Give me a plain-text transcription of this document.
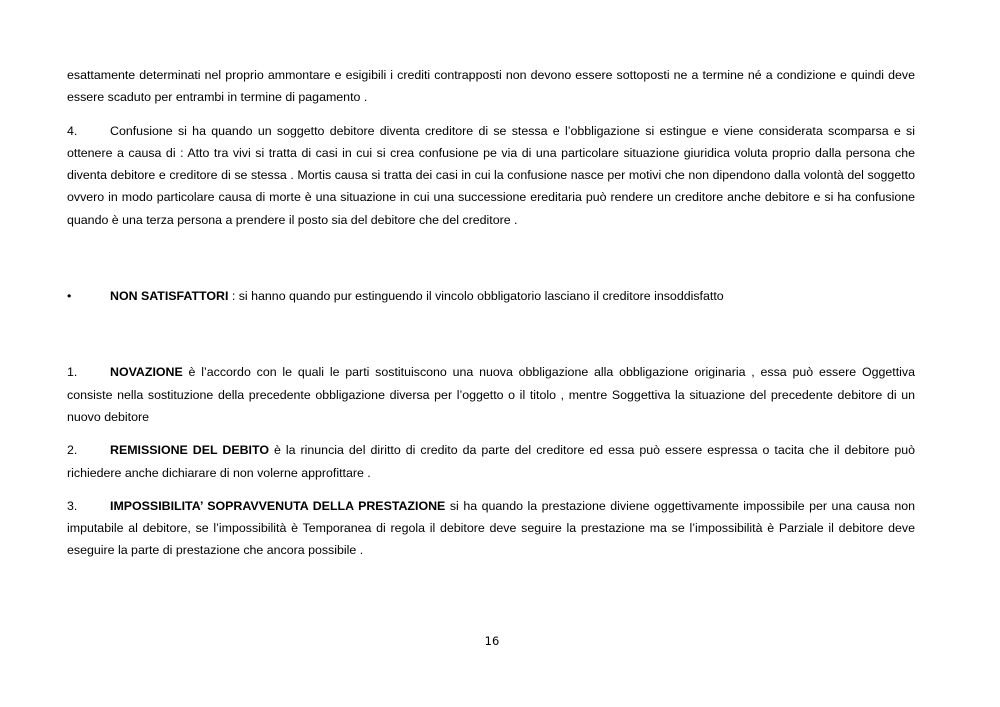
esattamente determinati nel proprio ammontare e esigibili i crediti contrapposti non devono essere sottoposti ne a termine né a condizione e quindi deve essere scaduto per entrambi in termine di pagamento .

4.	Confusione si ha quando un soggetto debitore diventa creditore di se stessa e l’obbligazione si estingue e viene considerata scomparsa e si ottenere a causa di : Atto tra vivi si tratta di casi in cui si crea confusione pe via di una particolare situazione giuridica voluta proprio dalla persona che diventa debitore e creditore di se stessa . Mortis causa si tratta dei casi in cui la confusione nasce per motivi che non dipendono dalla volontà del soggetto ovvero in modo particolare causa di morte è una situazione in cui una successione ereditaria può rendere un creditore anche debitore e si ha confusione quando è una terza persona a prendere il posto sia del debitore che del creditore .

•	NON SATISFATTORI : si hanno quando pur estinguendo il vincolo obbligatorio lasciano il creditore insoddisfatto

1.	NOVAZIONE è l’accordo con le quali le parti sostituiscono una nuova obbligazione alla obbligazione originaria , essa può essere Oggettiva consiste nella sostituzione della precedente obbligazione diversa per l’oggetto o il titolo , mentre Soggettiva la situazione del precedente debitore di un nuovo debitore

2.	REMISSIONE DEL DEBITO è la rinuncia del diritto di credito da parte del creditore ed essa può essere espressa o tacita che il debitore può richiedere anche dichiarare di non volerne approfittare .

3.	IMPOSSIBILITA’ SOPRAVVENUTA DELLA PRESTAZIONE si ha quando la prestazione diviene oggettivamente impossibile per una causa non imputabile al debitore, se l’impossibilità è Temporanea di regola il debitore deve seguire la prestazione ma se l’impossibilità è Parziale il debitore deve eseguire la parte di prestazione che ancora possibile .

16
